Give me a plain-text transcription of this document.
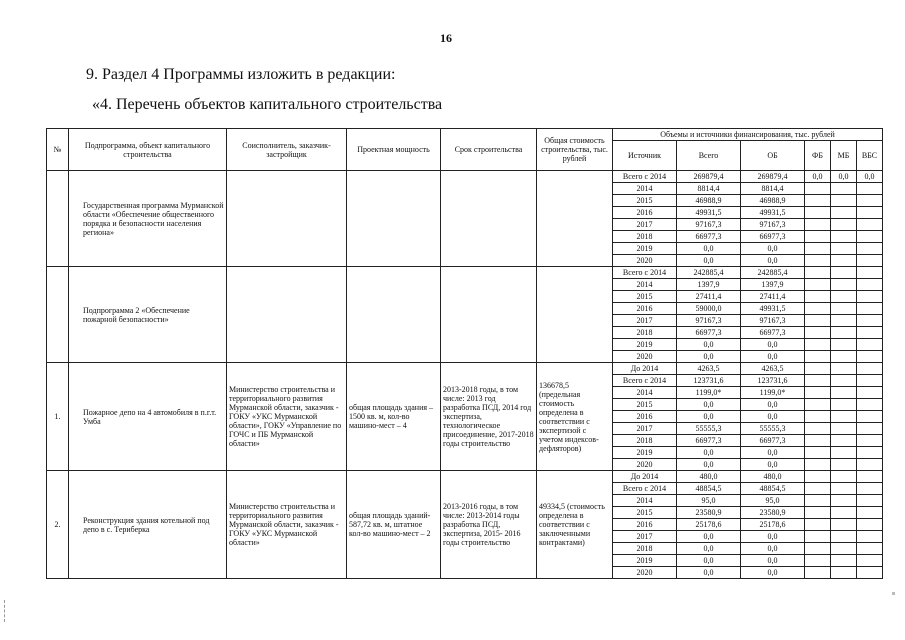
16
9. Раздел 4 Программы изложить в редакции:
«4. Перечень объектов капитального строительства
№	Подпрограмма, объект капитального строительства	Соисполнитель, заказчик-застройщик	Проектная мощность	Срок строительства	Общая стоимость строительства, тыс. рублей	Объемы и источники финансирования, тыс. рублей					
						Источник	Всего	ОБ	ФБ	МБ	ВБС
	Государственная программа Мурманской области «Обеспечение общественного порядка и безопасности населения региона»					Всего с 2014	269879,4	269879,4	0,0	0,0	0,0
						2014	8814,4	8814,4			
						2015	46988,9	46988,9			
						2016	49931,5	49931,5			
						2017	97167,3	97167,3			
						2018	66977,3	66977,3			
						2019	0,0	0,0			
						2020	0,0	0,0			
	Подпрограмма 2 «Обеспечение пожарной безопасности»					Всего с 2014	242885,4	242885,4			
						2014	1397,9	1397,9			
						2015	27411,4	27411,4			
						2016	59000,0	49931,5			
						2017	97167,3	97167,3			
						2018	66977,3	66977,3			
						2019	0,0	0,0			
						2020	0,0	0,0			
1.	Пожарное депо на 4 автомобиля в п.г.т. Умба	Министерство строительства и территориального развития Мурманской области, заказчик - ГОКУ «УКС Мурманской области», ГОКУ «Управление по ГОЧС и ПБ Мурманской области»	общая площадь здания – 1500 кв. м, кол-во машино-мест – 4	2013-2018 годы, в том числе: 2013 год разработка ПСД, 2014 год экспертиза, технологическое присоединение, 2017-2018 годы строительство	136678,5 (предельная стоимость определена в соответствии с экспертизой с учетом индексов-дефляторов)	До 2014	4263,5	4263,5			
						Всего с 2014	123731,6	123731,6			
						2014	1199,0*	1199,0*			
						2015	0,0	0,0			
						2016	0,0	0,0			
						2017	55555,3	55555,3			
						2018	66977,3	66977,3			
						2019	0,0	0,0			
						2020	0,0	0,0			
2.	Реконструкция здания котельной под депо в с. Териберка	Министерство строительства и территориального развития Мурманской области, заказчик - ГОКУ «УКС Мурманской области»	общая площадь зданий- 587,72 кв. м, штатное кол-во машино-мест – 2	2013-2016 годы, в том числе: 2013-2014 годы разработка ПСД, экспертиза, 2015- 2016 годы строительство	49334,5 (стоимость определена в соответствии с заключенными контрактами)	До 2014	480,0	480,0			
						Всего с 2014	48854,5	48854,5			
						2014	95,0	95,0			
						2015	23580,9	23580,9			
						2016	25178,6	25178,6			
						2017	0,0	0,0			
						2018	0,0	0,0			
						2019	0,0	0,0			
						2020	0,0	0,0			
